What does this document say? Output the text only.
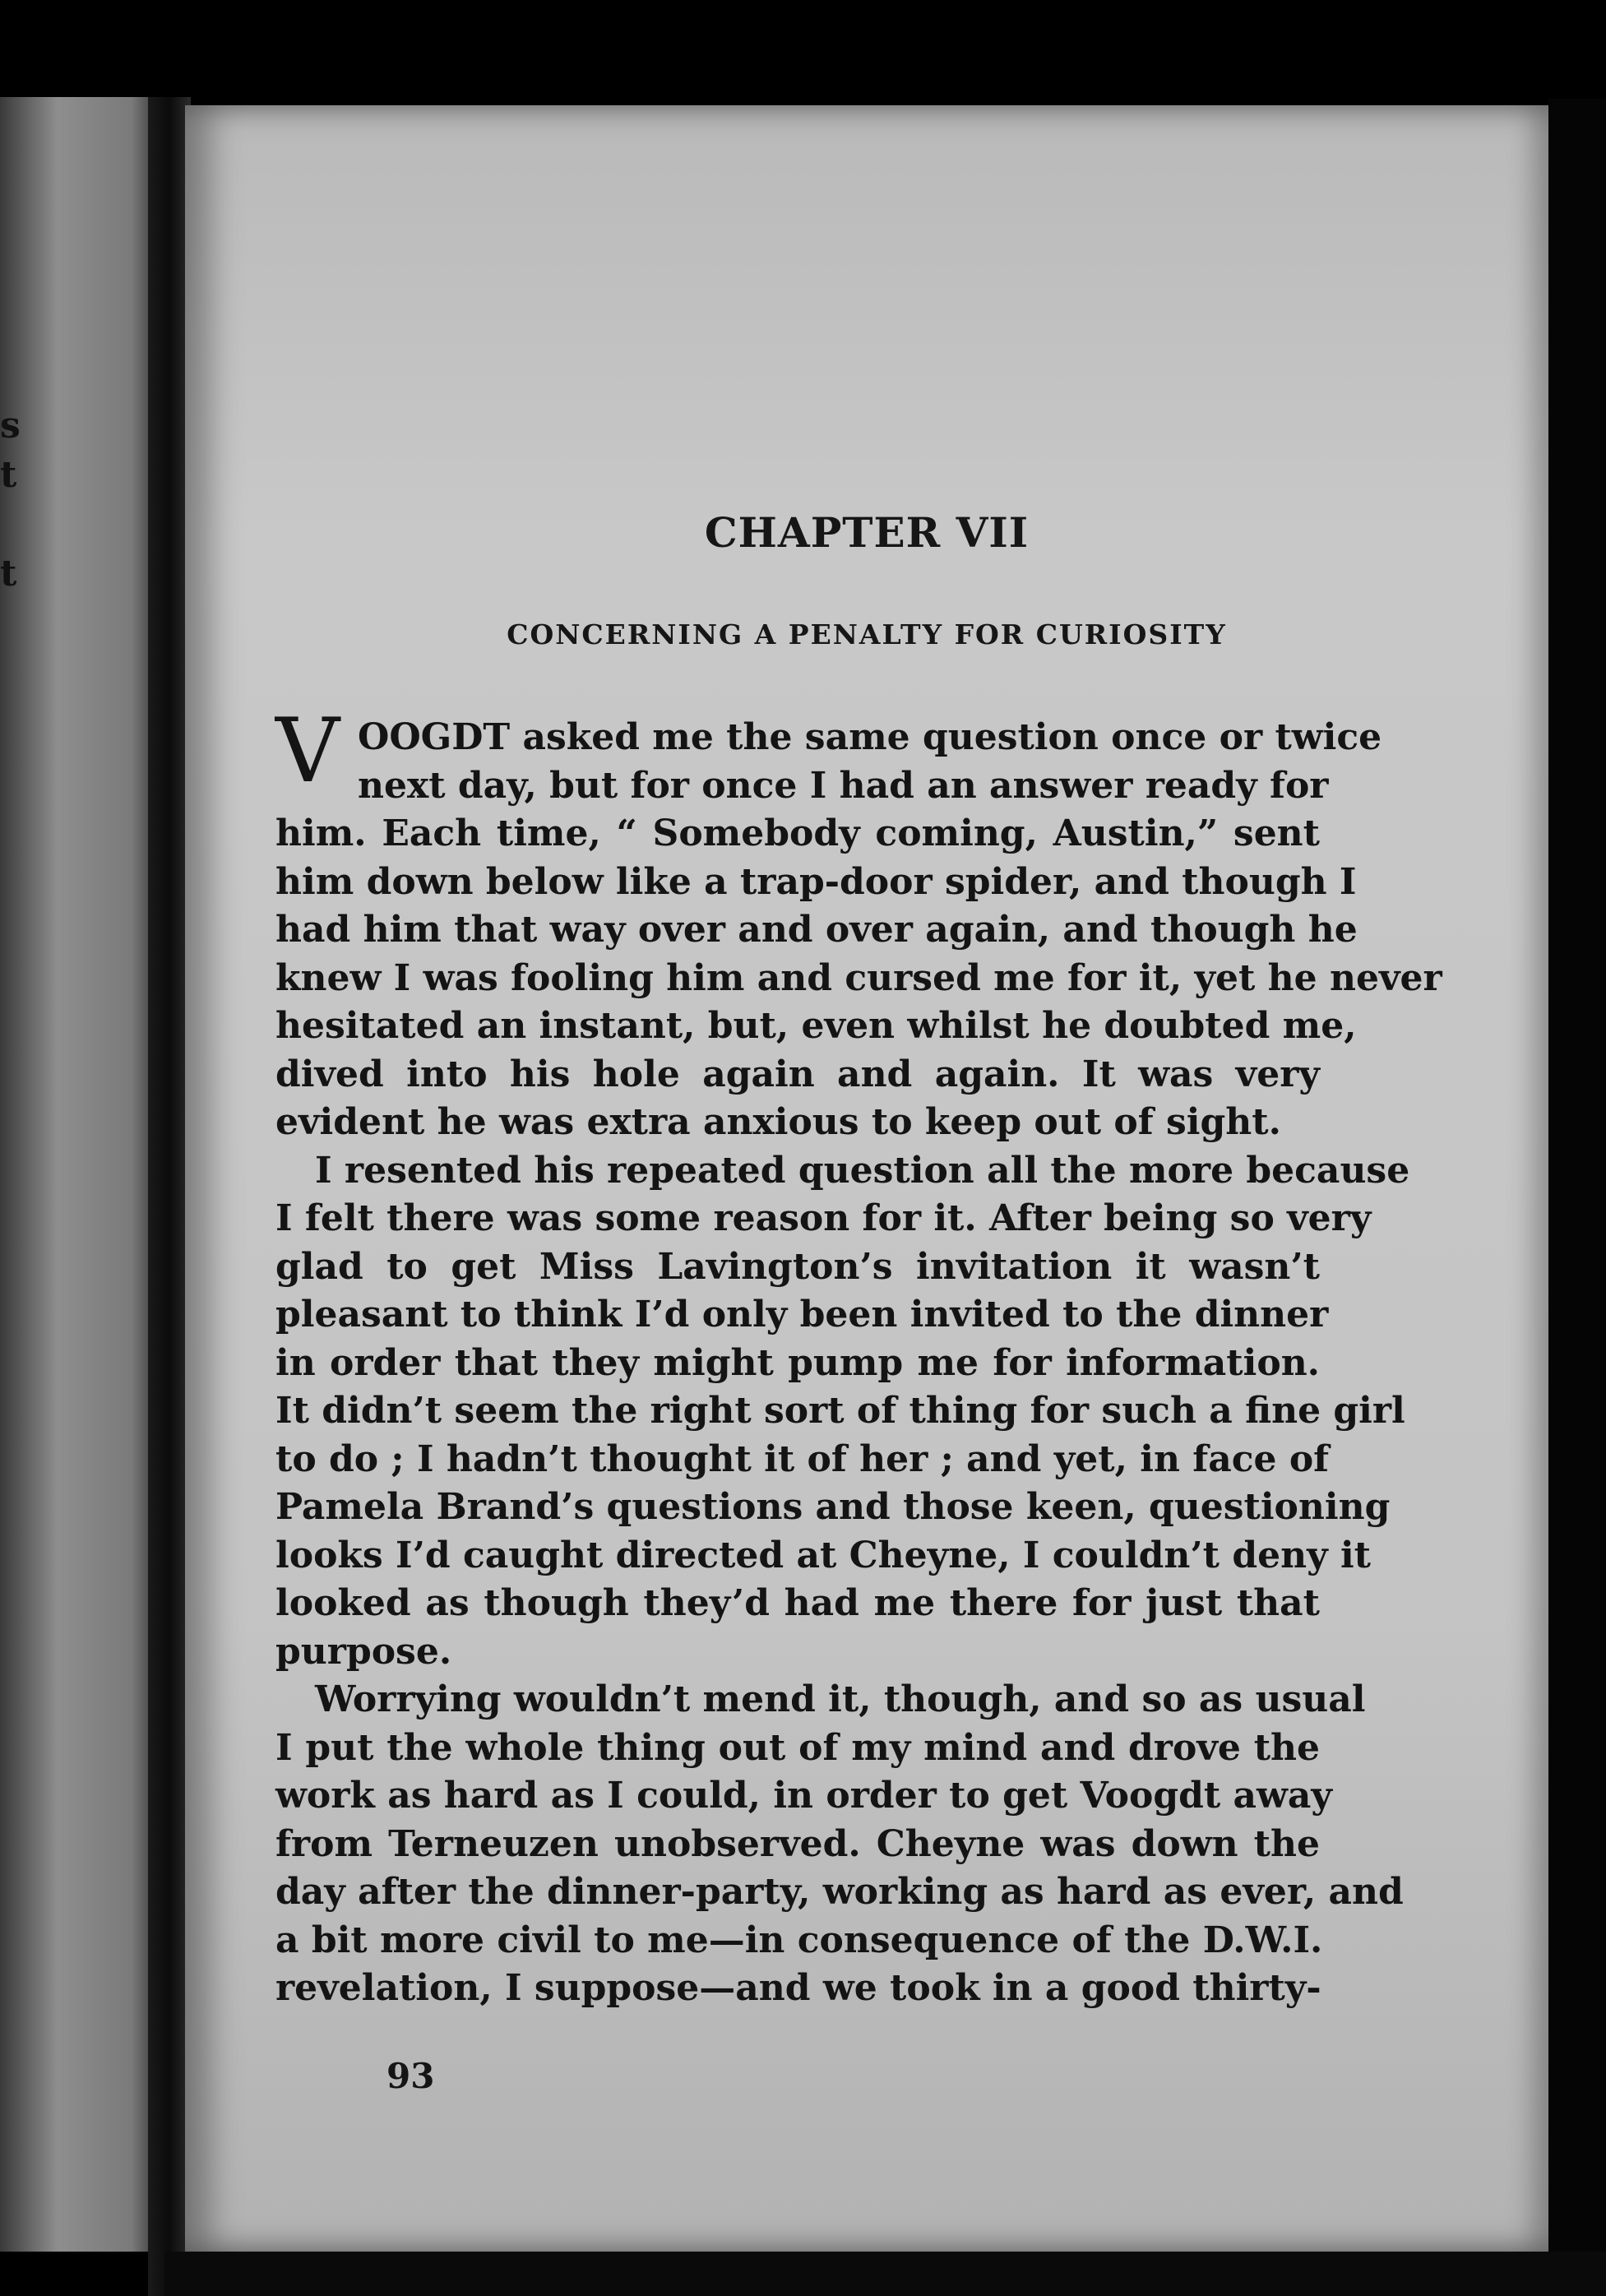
s
t

t
CHAPTER VII
CONCERNING A PENALTY FOR CURIOSITY
V OOGDT asked me the same question once or twice
next day, but for once I had an answer ready for
him. Each time, “ Somebody coming, Austin,” sent
him down below like a trap-door spider, and though I
had him that way over and over again, and though he
knew I was fooling him and cursed me for it, yet he never
hesitated an instant, but, even whilst he doubted me,
dived into his hole again and again. It was very
evident he was extra anxious to keep out of sight.
I resented his repeated question all the more because
I felt there was some reason for it. After being so very
glad to get Miss Lavington’s invitation it wasn’t
pleasant to think I’d only been invited to the dinner
in order that they might pump me for information.
It didn’t seem the right sort of thing for such a fine girl
to do ; I hadn’t thought it of her ; and yet, in face of
Pamela Brand’s questions and those keen, questioning
looks I’d caught directed at Cheyne, I couldn’t deny it
looked as though they’d had me there for just that
purpose.
Worrying wouldn’t mend it, though, and so as usual
I put the whole thing out of my mind and drove the
work as hard as I could, in order to get Voogdt away
from Terneuzen unobserved. Cheyne was down the
day after the dinner-party, working as hard as ever, and
a bit more civil to me—in consequence of the D.W.I.
revelation, I suppose—and we took in a good thirty-
93
